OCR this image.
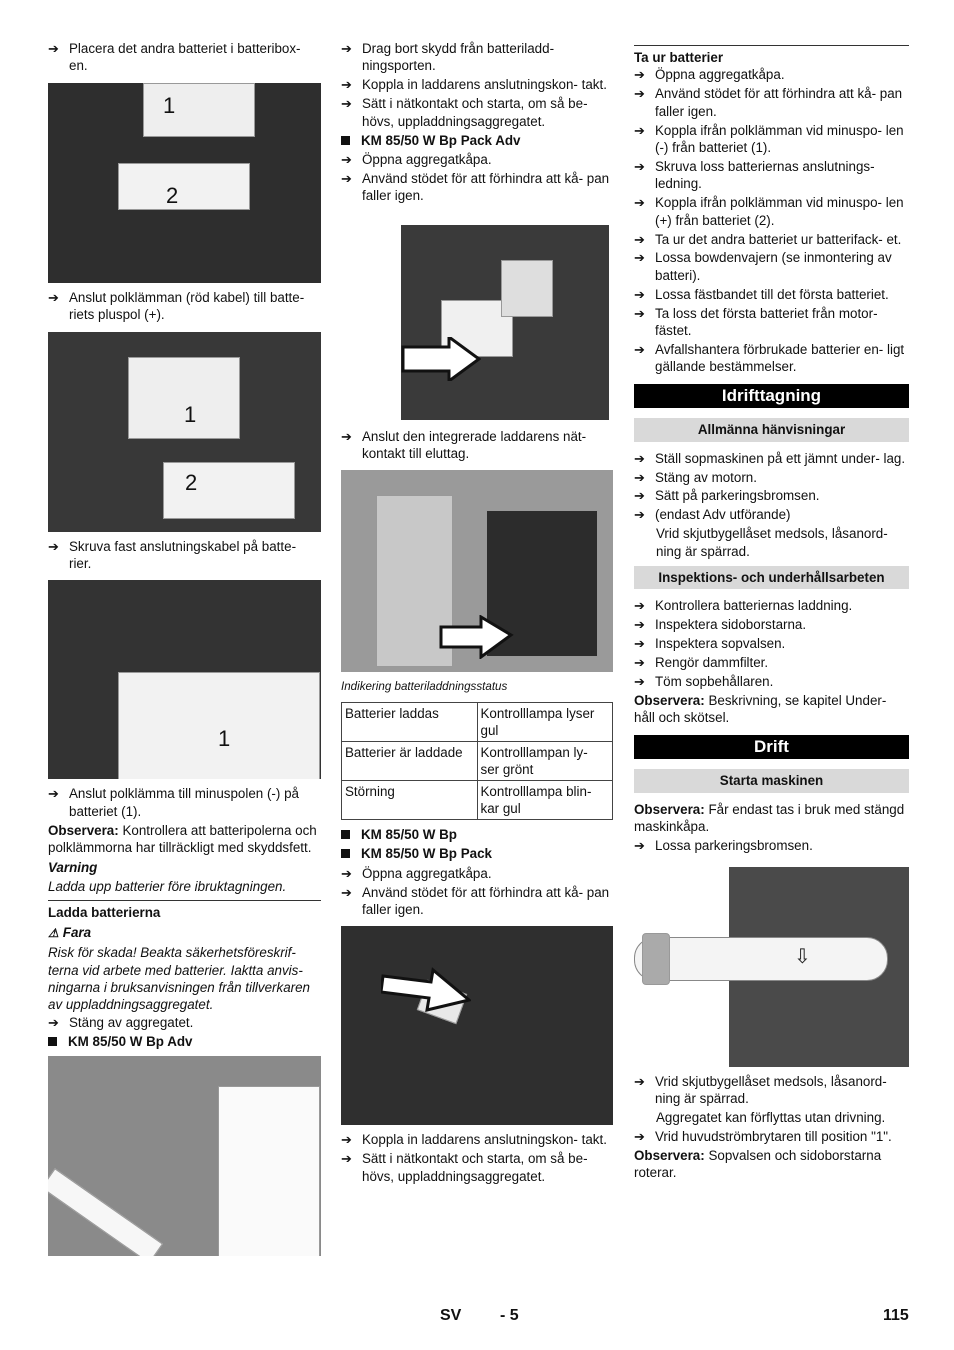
➔ Placera det andra batteriet i batteribox- en.
1
2
➔ Anslut polklämman (röd kabel) till batte- riets pluspol (+).
1
2
➔ Skruva fast anslutningskabel på batte- rier.
1
➔ Anslut polklämma till minuspolen (-) på batteriet (1).
Observera: Kontrollera att batteripolerna och polklämmorna har tillräckligt med skyddsfett.
Varning
Ladda upp batterier före ibruktagningen.
Ladda batterierna
⚠ Fara
Risk för skada! Beakta säkerhetsföreskrif- terna vid arbete med batterier. Iaktta anvis- ningarna i bruksanvisningen från tillverkaren av uppladdningsaggregatet.
➔ Stäng av aggregatet.
KM 85/50 W Bp Adv
➔ Drag bort skydd från batteriladd- ningsporten.
➔ Koppla in laddarens anslutningskon- takt.
➔ Sätt i nätkontakt och starta, om så be- hövs, uppladdningsaggregatet.
KM 85/50 W Bp Pack Adv
➔ Öppna aggregatkåpa.
➔ Använd stödet för att förhindra att kå- pan faller igen.
➔ Anslut den integrerade laddarens nät- kontakt till eluttag.
Indikering batteriladdningsstatus
Batterier laddas	Kontrolllampa lyser gul
Batterier är laddade	Kontrolllampan ly- ser grönt
Störning	Kontrolllampa blin- kar gul
KM 85/50 W Bp
KM 85/50 W Bp Pack
➔ Öppna aggregatkåpa.
➔ Använd stödet för att förhindra att kå- pan faller igen.
➔ Koppla in laddarens anslutningskon- takt.
➔ Sätt i nätkontakt och starta, om så be- hövs, uppladdningsaggregatet.
Ta ur batterier
➔ Öppna aggregatkåpa.
➔ Använd stödet för att förhindra att kå- pan faller igen.
➔ Koppla ifrån polklämman vid minuspo- len (-) från batteriet (1).
➔ Skruva loss batteriernas anslutnings- ledning.
➔ Koppla ifrån polklämman vid minuspo- len (+) från batteriet (2).
➔ Ta ur det andra batteriet ur batterifack- et.
➔ Lossa bowdenvajern (se inmontering av batteri).
➔ Lossa fästbandet till det första batteriet.
➔ Ta loss det första batteriet från motor- fästet.
➔ Avfallshantera förbrukade batterier en- ligt gällande bestämmelser.
Idrifttagning
Allmänna hänvisningar
➔ Ställ sopmaskinen på ett jämnt under- lag.
➔ Stäng av motorn.
➔ Sätt på parkeringsbromsen.
➔ (endast Adv utförande)
Vrid skjutbygellåset medsols, låsanord- ning är spärrad.
Inspektions- och underhållsarbeten
➔ Kontrollera batteriernas laddning.
➔ Inspektera sidoborstarna.
➔ Inspektera sopvalsen.
➔ Rengör dammfilter.
➔ Töm sopbehållaren.
Observera: Beskrivning, se kapitel Under- håll och skötsel.
Drift
Starta maskinen
Observera: Får endast tas i bruk med stängd maskinkåpa.
➔ Lossa parkeringsbromsen.
⇩
➔ Vrid skjutbygellåset medsols, låsanord- ning är spärrad.
Aggregatet kan förflyttas utan drivning.
➔ Vrid huvudströmbrytaren till position "1".
Observera: Sopvalsen och sidoborstarna roterar.
SV - 5	115
